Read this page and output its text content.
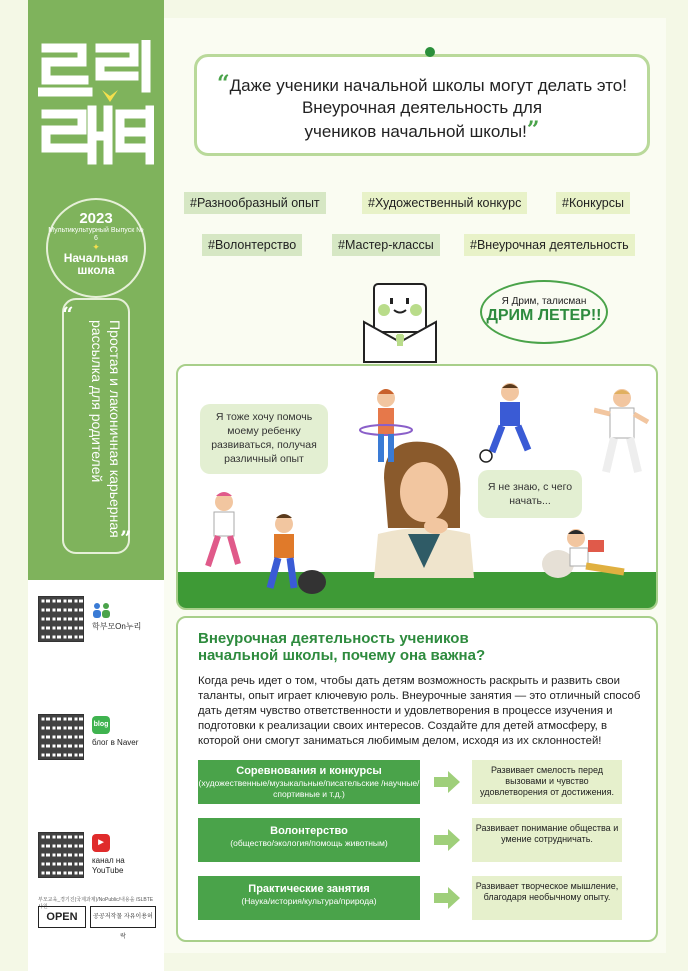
2023
Мультикультурный Выпуск № 6
✦
Начальная школа
“
Простая и лаконичная карьерная рассылка для родителей
”
학부모On누리
blog
блог в Naver
▶
канал на YouTube
부모교육_경기진(국제과제)/NoPublic/내용을 /SLBTE 사원
OPEN	공공저작물 자유이용허락
“Даже ученики начальной школы могут делать это!
Внеурочная деятельность для
учеников начальной школы!”
#Разнообразный опыт	#Художественный конкурс	#Конкурсы
#Волонтерство	#Мастер-классы	#Внеурочная деятельность
Я Дрим, талисман
ДРИМ ЛЕТЕР!!
Я тоже хочу помочь моему ребенку развиваться, получая различный опыт
Я не знаю, с чего начать...
Внеурочная деятельность учеников
начальной школы, почему она важна?
Когда речь идет о том, чтобы дать детям возможность раскрыть и развить свои таланты, опыт играет ключевую роль. Внеурочные занятия — это отличный способ дать детям чувство ответственности и удовлетворения в процессе изучения и подготовки к реализации своих интересов. Создайте для детей атмосферу, в которой они смогут заниматься любимым делом, исходя из их склонностей!
Соревнования и конкурсы
(художественные/музыкальные/писательские /научные/спортивные и т.д.)
Развивает смелость перед вызовами и чувство удовлетворения от достижения.
Волонтерство
(общество/экология/помощь животным)
Развивает понимание общества и умение сотрудничать.
Практические занятия
(Наука/история/культура/природа)
Развивает творческое мышление, благодаря необычному опыту.
